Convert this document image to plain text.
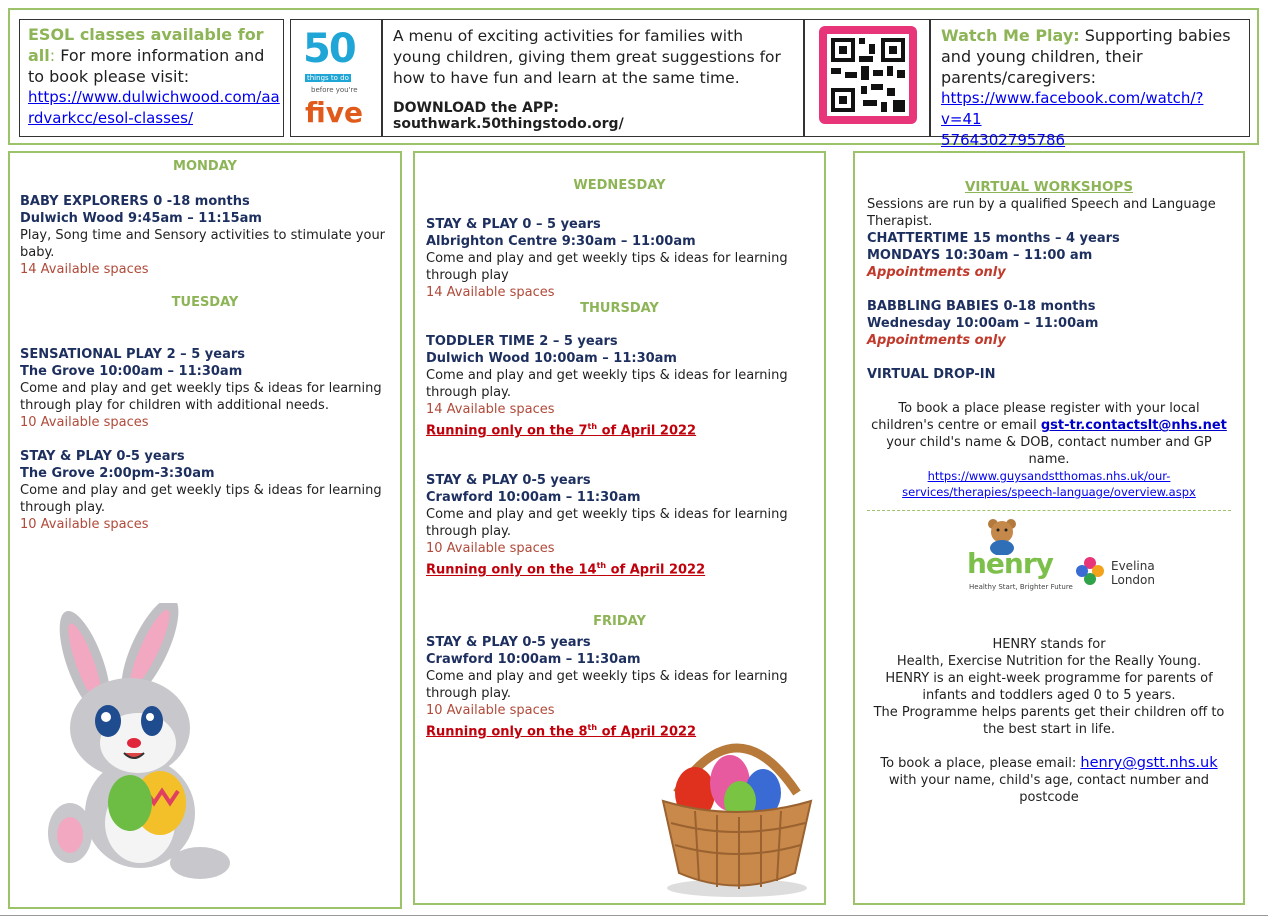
ESOL classes available for all: For more information and to book please visit:

https://www.dulwichwood.com/aa
rdvarkcc/esol-classes/

50
things to do
before you're
five

A menu of exciting activities for families with young children, giving them great suggestions for how to have fun and learn at the same time.

DOWNLOAD the APP: southwark.50thingstodo.org/

Watch Me Play: Supporting babies and young children, their parents/caregivers:

https://www.facebook.com/watch/?v=41
5764302795786

MONDAY

BABY EXPLORERS 0 -18 months

Dulwich Wood 9:45am – 11:15am

Play, Song time and Sensory activities to stimulate your baby.

14 Available spaces

TUESDAY

SENSATIONAL PLAY 2 – 5 years

The Grove 10:00am – 11:30am

Come and play and get weekly tips & ideas for learning through play for children with additional needs.

10 Available spaces

STAY & PLAY 0-5 years

The Grove 2:00pm-3:30am

Come and play and get weekly tips & ideas for learning through play.

10 Available spaces

WEDNESDAY

STAY & PLAY 0 – 5 years

Albrighton Centre 9:30am – 11:00am

Come and play and get weekly tips & ideas for learning through play

14 Available spaces

THURSDAY

TODDLER TIME 2 – 5 years

Dulwich Wood 10:00am – 11:30am

Come and play and get weekly tips & ideas for learning through play.

14 Available spaces

Running only on the 7th of April 2022

STAY & PLAY 0-5 years

Crawford 10:00am – 11:30am

Come and play and get weekly tips & ideas for learning through play.

10 Available spaces

Running only on the 14th of April 2022

FRIDAY

STAY & PLAY 0-5 years

Crawford 10:00am – 11:30am

Come and play and get weekly tips & ideas for learning through play.

10 Available spaces

Running only on the 8th of April 2022

VIRTUAL WORKSHOPS

Sessions are run by a qualified Speech and Language Therapist.

CHATTERTIME 15 months – 4 years

MONDAYS 10:30am – 11:00 am

Appointments only

BABBLING BABIES 0-18 months

Wednesday 10:00am – 11:00am

Appointments only

VIRTUAL DROP-IN

To book a place please register with your local children's centre or email gst-tr.contactslt@nhs.net your child's name & DOB, contact number and GP name.

https://www.guysandstthomas.nhs.uk/our-
services/therapies/speech-language/overview.aspx

henry
Healthy Start, Brighter Future
Evelina
London

HENRY stands for

Health, Exercise Nutrition for the Really Young.

HENRY is an eight-week programme for parents of infants and toddlers aged 0 to 5 years.

The Programme helps parents get their children off to the best start in life.

To book a place, please email: henry@gstt.nhs.uk with your name, child's age, contact number and postcode
